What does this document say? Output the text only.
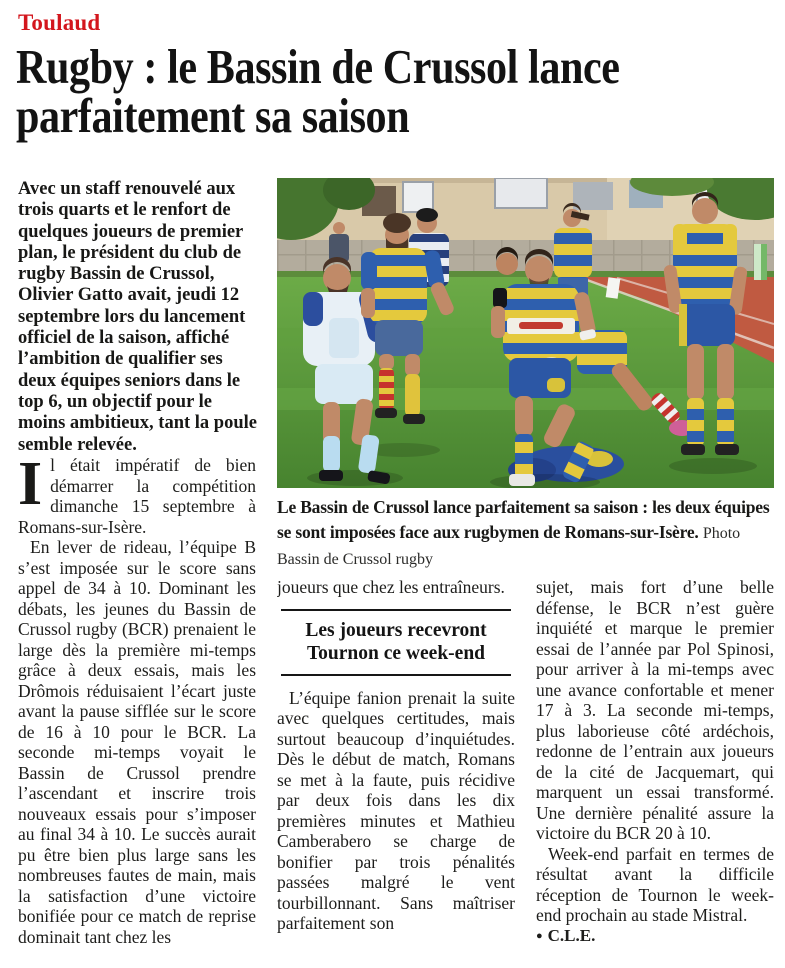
Toulaud
Rugby : le Bassin de Crussol lance parfaitement sa saison
Avec un staff renouvelé aux trois quarts et le renfort de quelques joueurs de premier plan, le président du club de rugby Bassin de Crussol, Olivier Gatto avait, jeudi 12 septembre lors du lancement officiel de la saison, affiché l’ambition de qualifier ses deux équipes seniors dans le top 6, un objectif pour le moins ambitieux, tant la poule semble relevée.
Le Bassin de Crussol lance parfaitement sa saison : les deux équipes se sont imposées face aux rugbymen de Romans-sur-Isère. Photo Bassin de Crussol rugby

Il était impératif de bien démarrer la compétition dimanche 15 septembre à Romans-sur-Isère.

En lever de rideau, l’équipe B s’est imposée sur le score sans appel de 34 à 10. Dominant les débats, les jeunes du Bassin de Crussol rugby (BCR) prenaient le large dès la première mi-temps grâce à deux essais, mais les Drômois réduisaient l’écart juste avant la pause sifflée sur le score de 16 à 10 pour le BCR. La seconde mi-temps voyait le Bassin de Crussol prendre l’ascendant et inscrire trois nouveaux essais pour s’imposer au final 34 à 10. Le succès aurait pu être bien plus large sans les nombreuses fautes de main, mais la satisfaction d’une victoire bonifiée pour ce match de reprise dominait tant chez les

joueurs que chez les entraîneurs.

Les joueurs recevront Tournon ce week-end

L’équipe fanion prenait la suite avec quelques certitudes, mais surtout beaucoup d’inquiétudes. Dès le début de match, Romans se met à la faute, puis récidive par deux fois dans les dix premières minutes et Mathieu Camberabero se charge de bonifier par trois pénalités passées malgré le vent tourbillonnant. Sans maîtriser parfaitement son

sujet, mais fort d’une belle défense, le BCR n’est guère inquiété et marque le premier essai de l’année par Pol Spinosi, pour arriver à la mi-temps avec une avance confortable et mener 17 à 3. La seconde mi-temps, plus laborieuse côté ardéchois, redonne de l’entrain aux joueurs de la cité de Jacquemart, qui marquent un essai transformé. Une dernière pénalité assure la victoire du BCR 20 à 10.

Week-end parfait en termes de résultat avant la difficile réception de Tournon le week-end prochain au stade Mistral.

● C.L.E.
